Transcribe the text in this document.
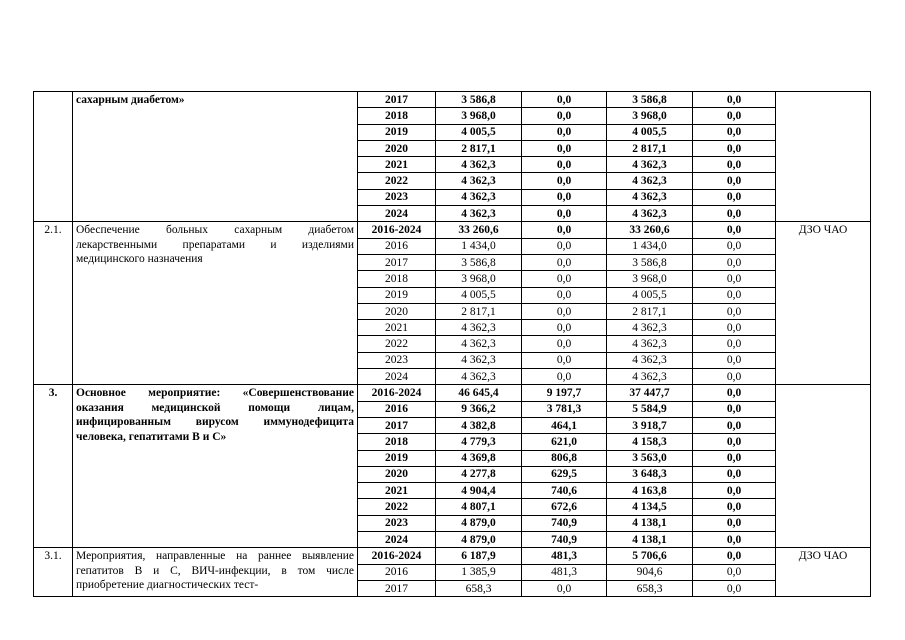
	сахарным диабетом»	2017	3 586,8	0,0	3 586,8	0,0	
		2018	3 968,0	0,0	3 968,0	0,0	
		2019	4 005,5	0,0	4 005,5	0,0	
		2020	2 817,1	0,0	2 817,1	0,0	
		2021	4 362,3	0,0	4 362,3	0,0	
		2022	4 362,3	0,0	4 362,3	0,0	
		2023	4 362,3	0,0	4 362,3	0,0	
		2024	4 362,3	0,0	4 362,3	0,0	
2.1.	Обеспечение больных сахарным диабетом лекарственными препаратами и изделиями медицинского назначения	2016-2024	33 260,6	0,0	33 260,6	0,0	ДЗО ЧАО
		2016	1 434,0	0,0	1 434,0	0,0	
		2017	3 586,8	0,0	3 586,8	0,0	
		2018	3 968,0	0,0	3 968,0	0,0	
		2019	4 005,5	0,0	4 005,5	0,0	
		2020	2 817,1	0,0	2 817,1	0,0	
		2021	4 362,3	0,0	4 362,3	0,0	
		2022	4 362,3	0,0	4 362,3	0,0	
		2023	4 362,3	0,0	4 362,3	0,0	
		2024	4 362,3	0,0	4 362,3	0,0	
3.	Основное мероприятие: «Совершенствование оказания медицинской помощи лицам, инфицированным вирусом иммунодефицита человека, гепатитами В и С»	2016-2024	46 645,4	9 197,7	37 447,7	0,0	
		2016	9 366,2	3 781,3	5 584,9	0,0	
		2017	4 382,8	464,1	3 918,7	0,0	
		2018	4 779,3	621,0	4 158,3	0,0	
		2019	4 369,8	806,8	3 563,0	0,0	
		2020	4 277,8	629,5	3 648,3	0,0	
		2021	4 904,4	740,6	4 163,8	0,0	
		2022	4 807,1	672,6	4 134,5	0,0	
		2023	4 879,0	740,9	4 138,1	0,0	
		2024	4 879,0	740,9	4 138,1	0,0	
3.1.	Мероприятия, направленные на раннее выявление гепатитов В и С, ВИЧ-инфекции, в том числе приобретение диагностических тест-	2016-2024	6 187,9	481,3	5 706,6	0,0	ДЗО ЧАО
		2016	1 385,9	481,3	904,6	0,0	
		2017	658,3	0,0	658,3	0,0	
